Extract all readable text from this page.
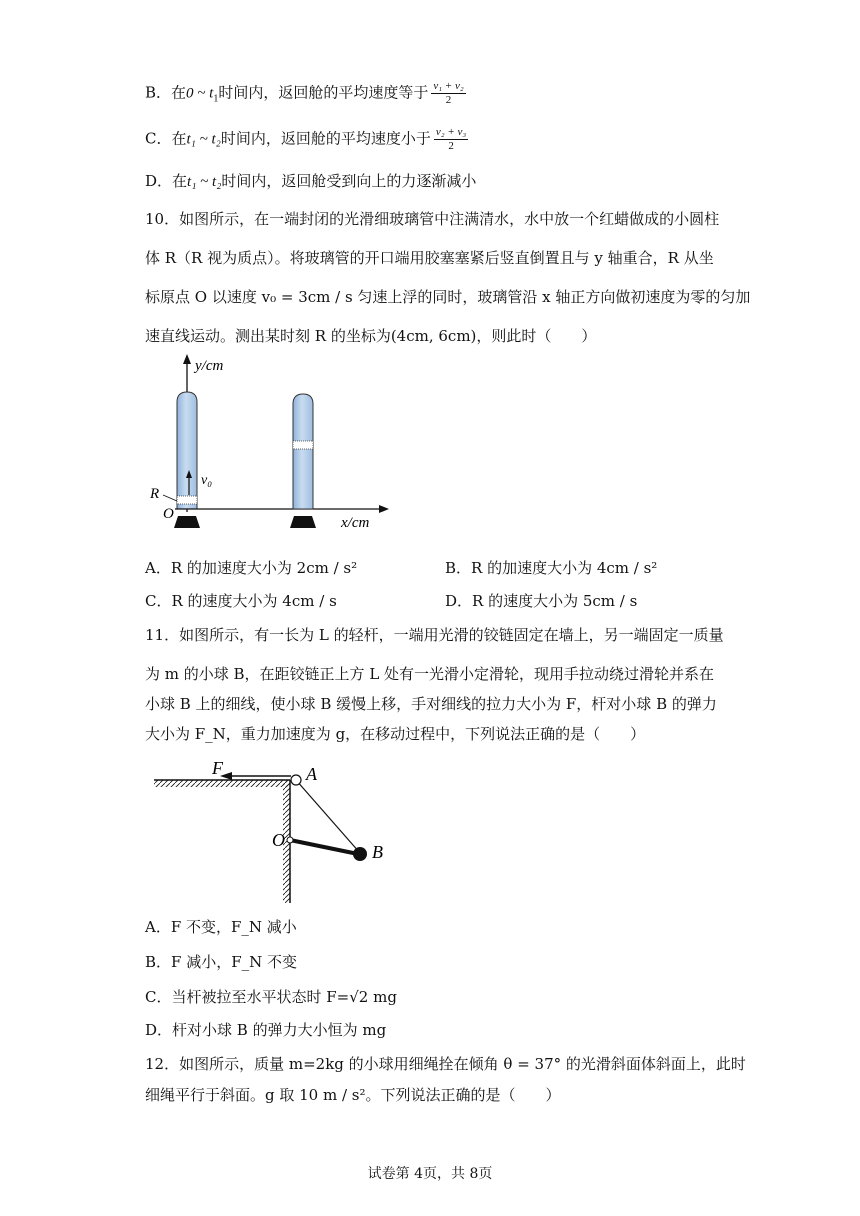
B．在0 ~ $t_1$时间内，返回舱的平均速度等于 $\frac{\text{v₁ + v₂}}{2}$
C．在t₁ ~ t₂时间内，返回舱的平均速度小于 $\frac{\text{v₂ + v₃}}{2}$
D．在t₁ ~ t₂时间内，返回舱受到向上的力逐渐减小
10．如图所示，在一端封闭的光滑细玻璃管中注满清水，水中放一个红蜡做成的小圆柱
体 R（R 视为质点）。将玻璃管的开口端用胶塞塞紧后竖直倒置且与 y 轴重合，R 从坐
标原点 O 以速度 v₀ = 3cm / s 匀速上浮的同时，玻璃管沿 x 轴正方向做初速度为零的匀加
速直线运动。测出某时刻 R 的坐标为(4cm, 6cm)，则此时（　　）
y/cm
v₀
R
O
x/cm
A．R 的加速度大小为 2cm / s²	B．R 的加速度大小为 4cm / s²
C．R 的速度大小为 4cm / s	D．R 的速度大小为 5cm / s
11．如图所示，有一长为 L 的轻杆，一端用光滑的铰链固定在墙上，另一端固定一质量
为 m 的小球 B，在距铰链正上方 L 处有一光滑小定滑轮，现用手拉动绕过滑轮并系在
小球 B 上的细线，使小球 B 缓慢上移，手对细线的拉力大小为 F，杆对小球 B 的弹力
大小为 F_N，重力加速度为 g，在移动过程中，下列说法正确的是（　　）
F	A
O
B
A．F 不变，F_N 减小
B．F 减小，F_N 不变
C．当杆被拉至水平状态时 F=√2 mg
D．杆对小球 B 的弹力大小恒为 mg
12．如图所示，质量 m=2kg 的小球用细绳拴在倾角 θ = 37° 的光滑斜面体斜面上，此时
细绳平行于斜面。g 取 10 m / s²。下列说法正确的是（　　）
试卷第 4页，共 8页
